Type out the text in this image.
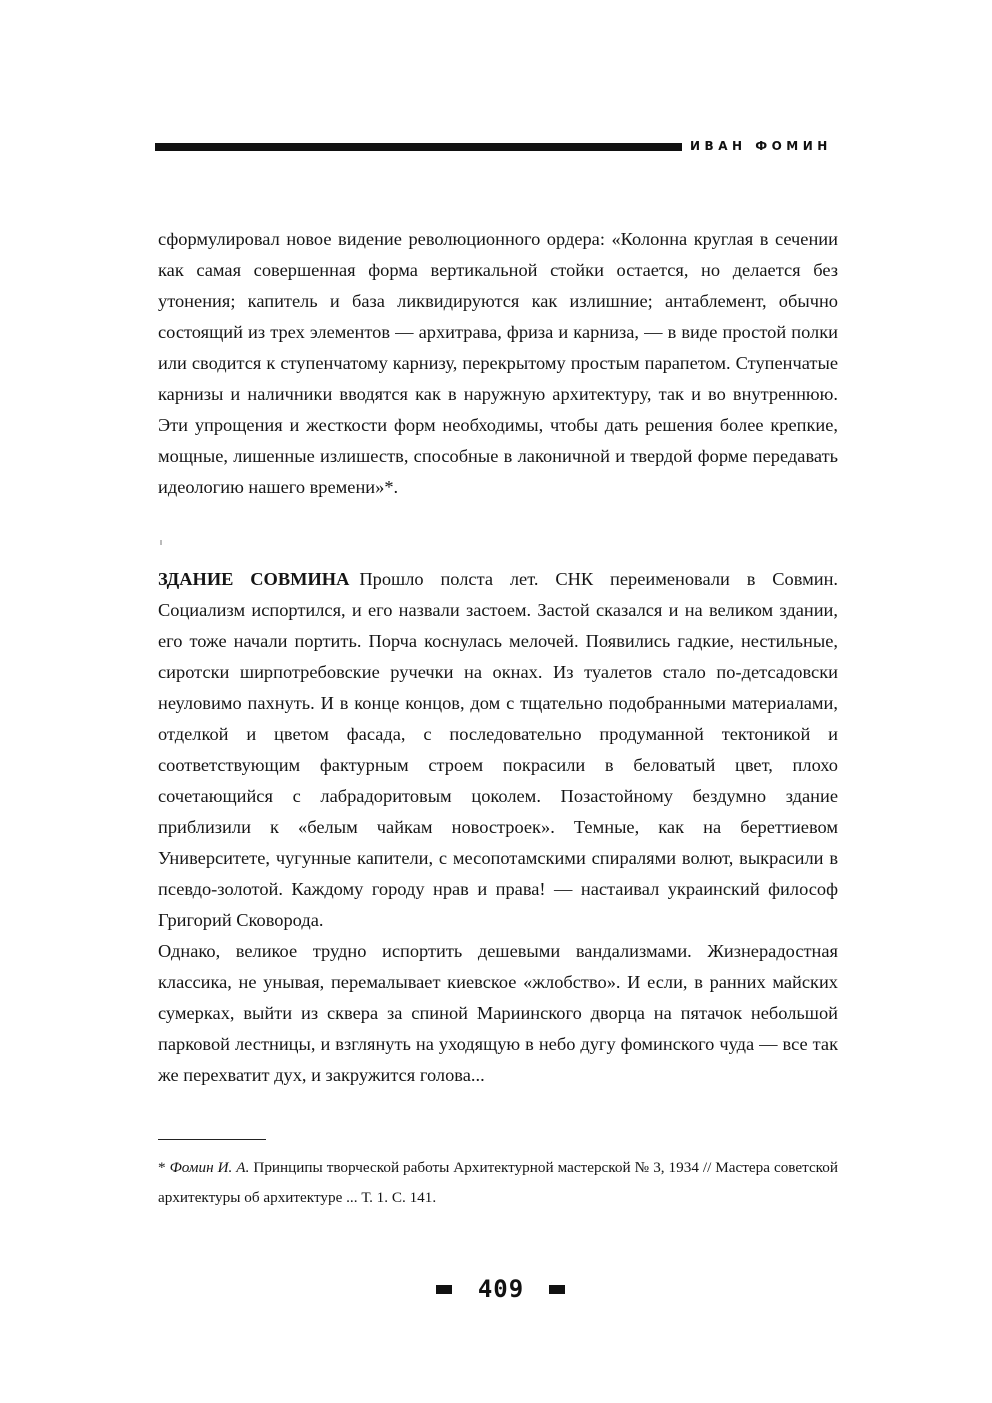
ИВАН ФОМИН

сформулировал новое видение революционного ордера: «Колонна круглая в сечении как самая совершенная форма вертикальной стойки остается, но делается без утонения; капитель и база ликвидируются как излишние; антаблемент, обычно состоящий из трех элементов — архитрава, фриза и карниза, — в виде простой полки или сводится к ступенчатому карнизу, перекрытому простым парапетом. Ступенчатые карнизы и наличники вводятся как в наружную архитектуру, так и во внутреннюю. Эти упрощения и жесткости форм необходимы, чтобы дать решения более крепкие, мощные, лишенные излишеств, способные в лаконичной и твердой форме передавать идеологию нашего времени»*.

ЗДАНИЕ СОВМИНА Прошло полста лет. СНК переименовали в Совмин. Социализм испортился, и его назвали застоем. Застой сказался и на великом здании, его тоже начали портить. Порча коснулась мелочей. Появились гадкие, нестильные, сиротски ширпотребовские ручечки на окнах. Из туалетов стало по-детсадовски неуловимо пахнуть. И в конце концов, дом с тщательно подобранными материалами, отделкой и цветом фасада, с последовательно продуманной тектоникой и соответствующим фактурным строем покрасили в беловатый цвет, плохо сочетающийся с лабрадоритовым цоколем. Позастойному бездумно здание приблизили к «белым чайкам новостроек». Темные, как на береттиевом Университете, чугунные капители, с месопотамскими спиралями волют, выкрасили в псевдо-золотой. Каждому городу нрав и права! — настаивал украинский философ Григорий Сковорода.

Однако, великое трудно испортить дешевыми вандализмами. Жизнерадостная классика, не унывая, перемалывает киевское «жлобство». И если, в ранних майских сумерках, выйти из сквера за спиной Мариинского дворца на пятачок небольшой парковой лестницы, и взглянуть на уходящую в небо дугу фоминского чуда — все так же перехватит дух, и закружится голова...

* Фомин И. А. Принципы творческой работы Архитектурной мастерской № 3, 1934 // Мастера советской архитектуры об архитектуре ... Т. 1. С. 141.

409
